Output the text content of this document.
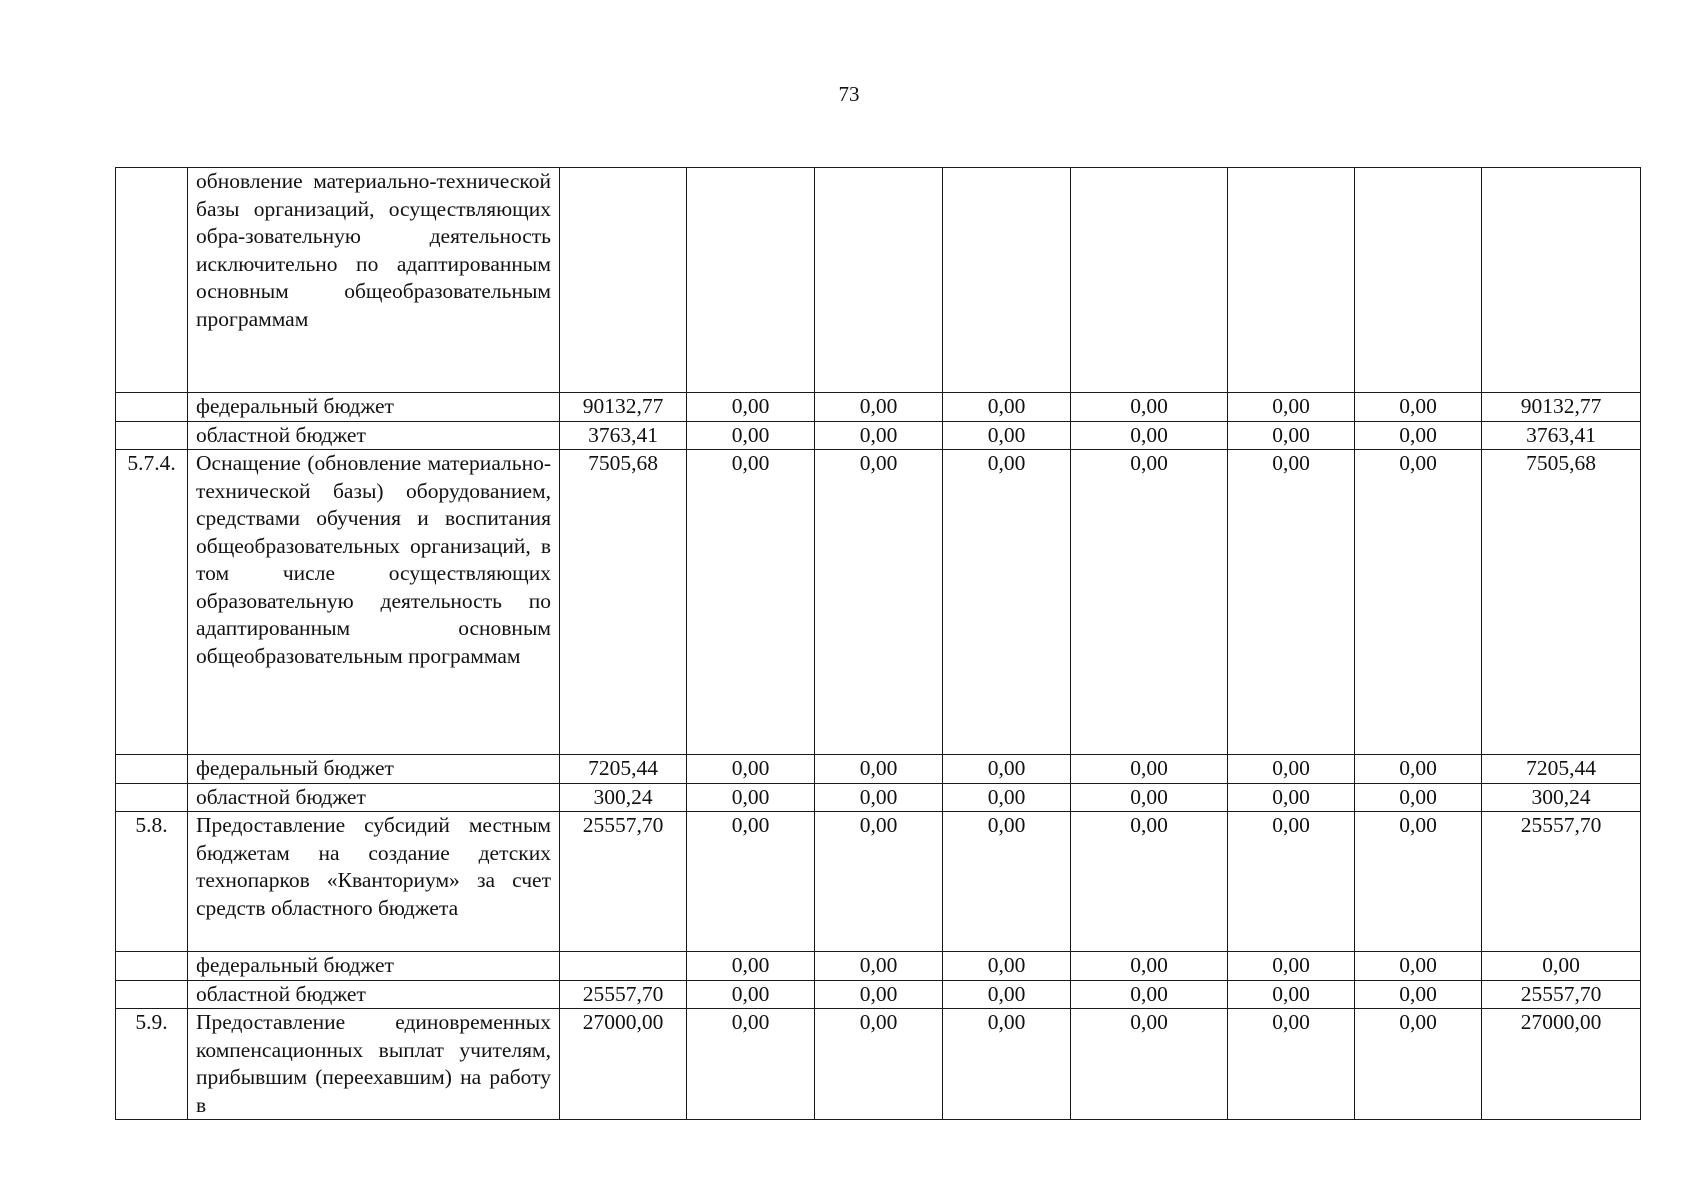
73
	обновление материально-технической базы организаций, осуществляющих обра-зовательную деятельность исключительно по адаптированным основным общеобразовательным программам								
	федеральный бюджет	90132,77	0,00	0,00	0,00	0,00	0,00	0,00	90132,77
	областной бюджет	3763,41	0,00	0,00	0,00	0,00	0,00	0,00	3763,41
5.7.4.	Оснащение (обновление материально-технической базы) оборудованием, средствами обучения и воспитания общеобразовательных организаций, в том числе осуществляющих образовательную деятельность по адаптированным основным общеобразовательным программам	7505,68	0,00	0,00	0,00	0,00	0,00	0,00	7505,68
	федеральный бюджет	7205,44	0,00	0,00	0,00	0,00	0,00	0,00	7205,44
	областной бюджет	300,24	0,00	0,00	0,00	0,00	0,00	0,00	300,24
5.8.	Предоставление субсидий местным бюджетам на создание детских технопарков «Кванториум» за счет средств областного бюджета	25557,70	0,00	0,00	0,00	0,00	0,00	0,00	25557,70
	федеральный бюджет		0,00	0,00	0,00	0,00	0,00	0,00	0,00
	областной бюджет	25557,70	0,00	0,00	0,00	0,00	0,00	0,00	25557,70
5.9.	Предоставление единовременных компенсационных выплат учителям, прибывшим (переехавшим) на работу в	27000,00	0,00	0,00	0,00	0,00	0,00	0,00	27000,00
